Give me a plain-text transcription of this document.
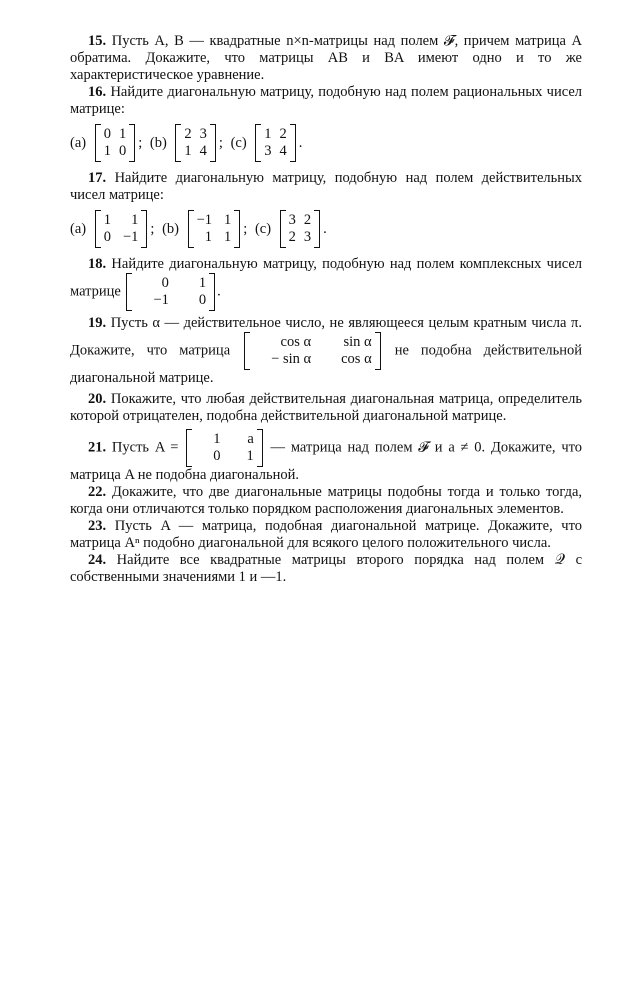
15. Пусть A, B — квадратные n×n-матрицы над полем 𝓕, причем матрица A обратима. Докажите, что матрицы AB и BA имеют одно и то же характеристическое уравнение.

16. Найдите диагональную матрицу, подобную над полем рациональных чисел матрице:

(a)
0 1
1 0
; (b)
2 3
1 4
; (c)
1 2
3 4
.

17. Найдите диагональную матрицу, подобную над полем действительных чисел матрице:

(a)
1	1
0 −1
; (b)
−1 1
1 1
; (c)
3 2
2 3
.

18. Найдите диагональную матрицу, подобную над полем комплексных чисел матрице
0	1
−1	0
.

19. Пусть α — действительное число, не являющееся целым кратным числа π. Докажите, что матрица
cos α	sin α
− sin α	cos α
не подобна действительной диагональной матрице.

20. Покажите, что любая действительная диагональная матрица, определитель которой отрицателен, подобна действительной диагональной матрице.

21. Пусть A =
1	a
0	1
— матрица над полем 𝓕 и a ≠ 0. Докажите, что матрица A не подобна диагональной.

22. Докажите, что две диагональные матрицы подобны тогда и только тогда, когда они отличаются только порядком расположения диагональных элементов.

23. Пусть A — матрица, подобная диагональной матрице. Докажите, что матрица Aⁿ подобно диагональной для всякого целого положительного числа.

24. Найдите все квадратные матрицы второго порядка над полем 𝒬 с собственными значениями 1 и —1.
